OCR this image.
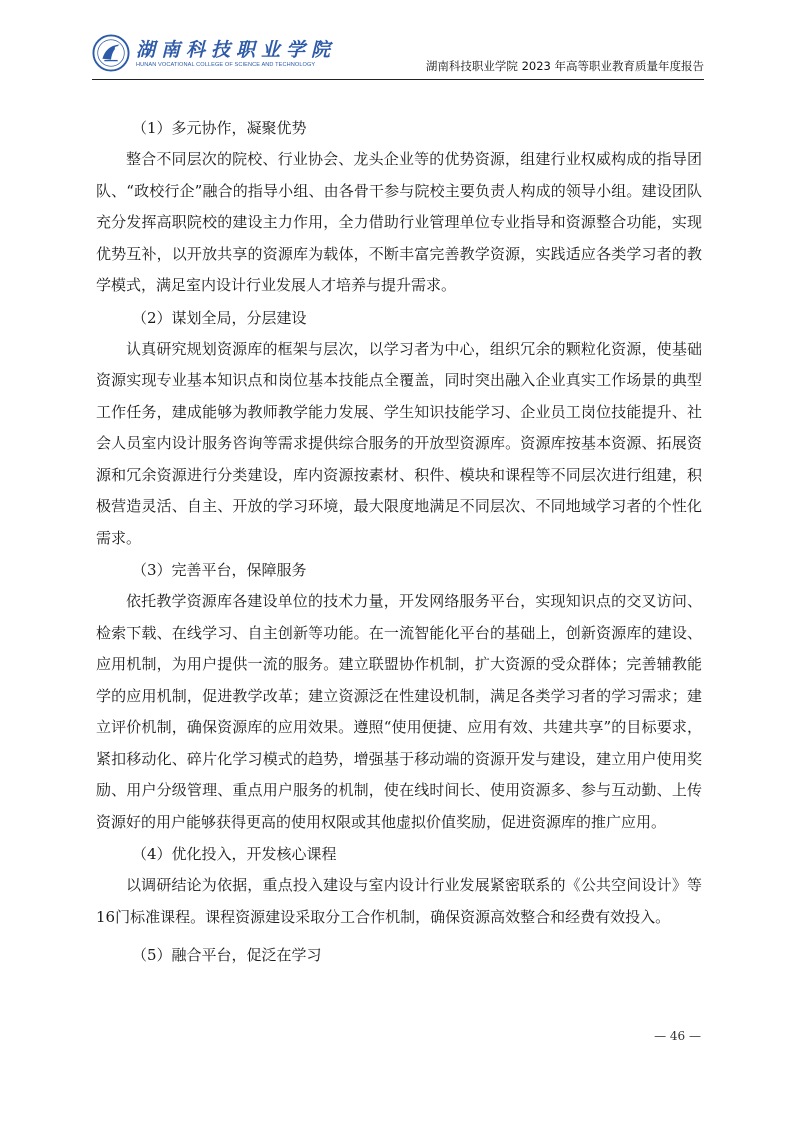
湖南科技职业学院
HUNAN VOCATIONAL COLLEGE OF SCIENCE AND TECHNOLOGY	湖南科技职业学院 2023 年高等职业教育质量年度报告
（1）多元协作，凝聚优势

整合不同层次的院校、行业协会、龙头企业等的优势资源，组建行业权威构成的指导团队、“政校行企”融合的指导小组、由各骨干参与院校主要负责人构成的领导小组。建设团队充分发挥高职院校的建设主力作用，全力借助行业管理单位专业指导和资源整合功能，实现优势互补，以开放共享的资源库为载体，不断丰富完善教学资源，实践适应各类学习者的教学模式，满足室内设计行业发展人才培养与提升需求。

（2）谋划全局，分层建设

认真研究规划资源库的框架与层次，以学习者为中心，组织冗余的颗粒化资源，使基础资源实现专业基本知识点和岗位基本技能点全覆盖，同时突出融入企业真实工作场景的典型工作任务，建成能够为教师教学能力发展、学生知识技能学习、企业员工岗位技能提升、社会人员室内设计服务咨询等需求提供综合服务的开放型资源库。资源库按基本资源、拓展资源和冗余资源进行分类建设，库内资源按素材、积件、模块和课程等不同层次进行组建，积极营造灵活、自主、开放的学习环境，最大限度地满足不同层次、不同地域学习者的个性化需求。

（3）完善平台，保障服务

依托教学资源库各建设单位的技术力量，开发网络服务平台，实现知识点的交叉访问、检索下载、在线学习、自主创新等功能。在一流智能化平台的基础上，创新资源库的建设、应用机制，为用户提供一流的服务。建立联盟协作机制，扩大资源的受众群体；完善辅教能学的应用机制，促进教学改革；建立资源泛在性建设机制，满足各类学习者的学习需求；建立评价机制，确保资源库的应用效果。遵照“使用便捷、应用有效、共建共享”的目标要求，紧扣移动化、碎片化学习模式的趋势，增强基于移动端的资源开发与建设，建立用户使用奖励、用户分级管理、重点用户服务的机制，使在线时间长、使用资源多、参与互动勤、上传资源好的用户能够获得更高的使用权限或其他虚拟价值奖励，促进资源库的推广应用。

（4）优化投入，开发核心课程

以调研结论为依据，重点投入建设与室内设计行业发展紧密联系的《公共空间设计》等16门标准课程。课程资源建设采取分工合作机制，确保资源高效整合和经费有效投入。

（5）融合平台，促泛在学习
— 46 —
